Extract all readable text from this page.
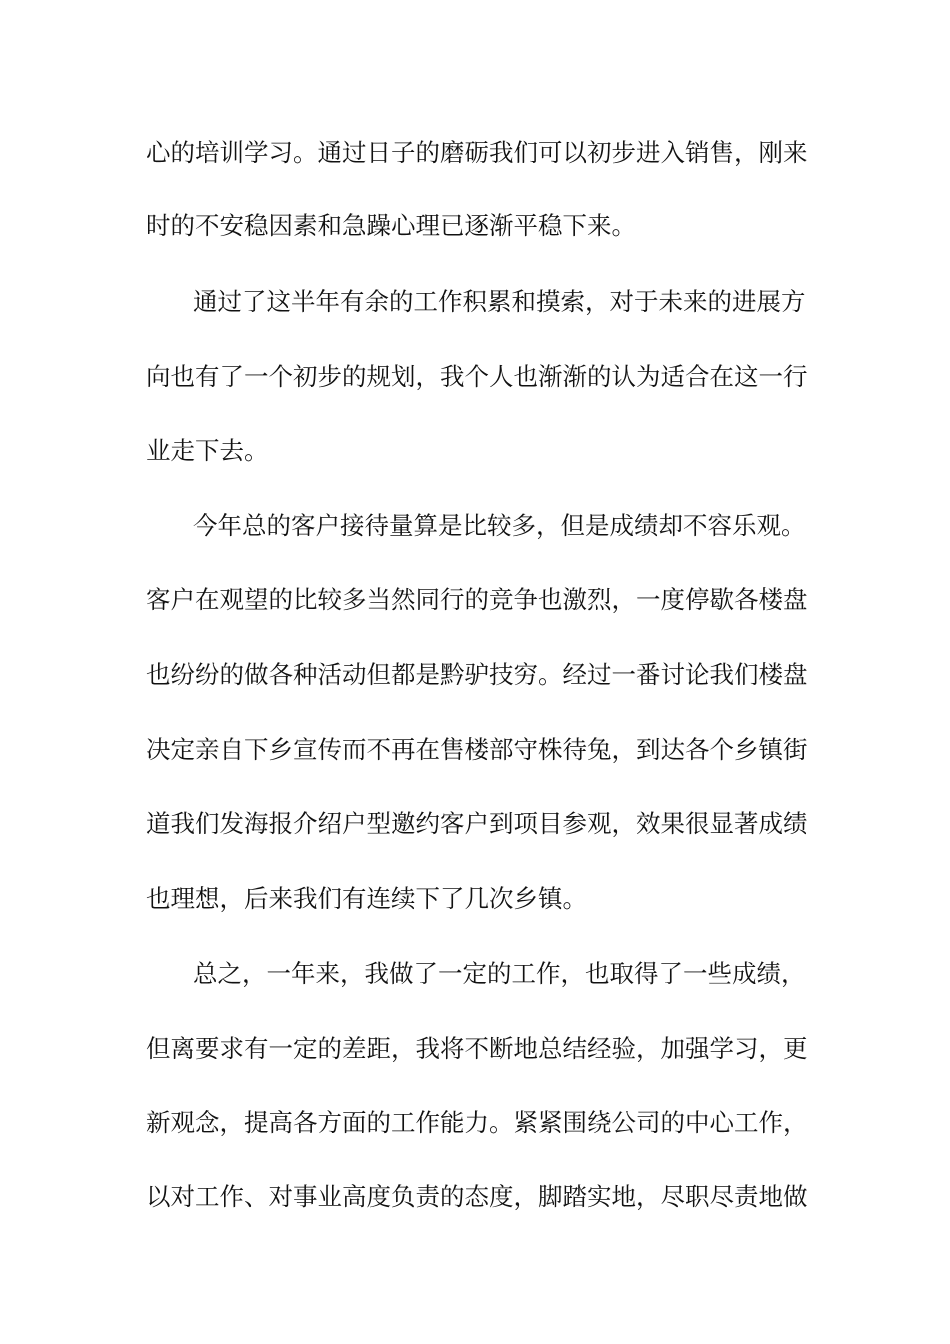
心的培训学习。通过日子的磨砺我们可以初步进入销售，刚来
时的不安稳因素和急躁心理已逐渐平稳下来。
通过了这半年有余的工作积累和摸索，对于未来的进展方
向也有了一个初步的规划，我个人也渐渐的认为适合在这一行
业走下去。
今年总的客户接待量算是比较多，但是成绩却不容乐观。
客户在观望的比较多当然同行的竞争也激烈，一度停歇各楼盘
也纷纷的做各种活动但都是黔驴技穷。经过一番讨论我们楼盘
决定亲自下乡宣传而不再在售楼部守株待兔，到达各个乡镇街
道我们发海报介绍户型邀约客户到项目参观，效果很显著成绩
也理想，后来我们有连续下了几次乡镇。
总之，一年来，我做了一定的工作，也取得了一些成绩，
但离要求有一定的差距，我将不断地总结经验，加强学习，更
新观念，提高各方面的工作能力。紧紧围绕公司的中心工作，
以对工作、对事业高度负责的态度，脚踏实地，尽职尽责地做
